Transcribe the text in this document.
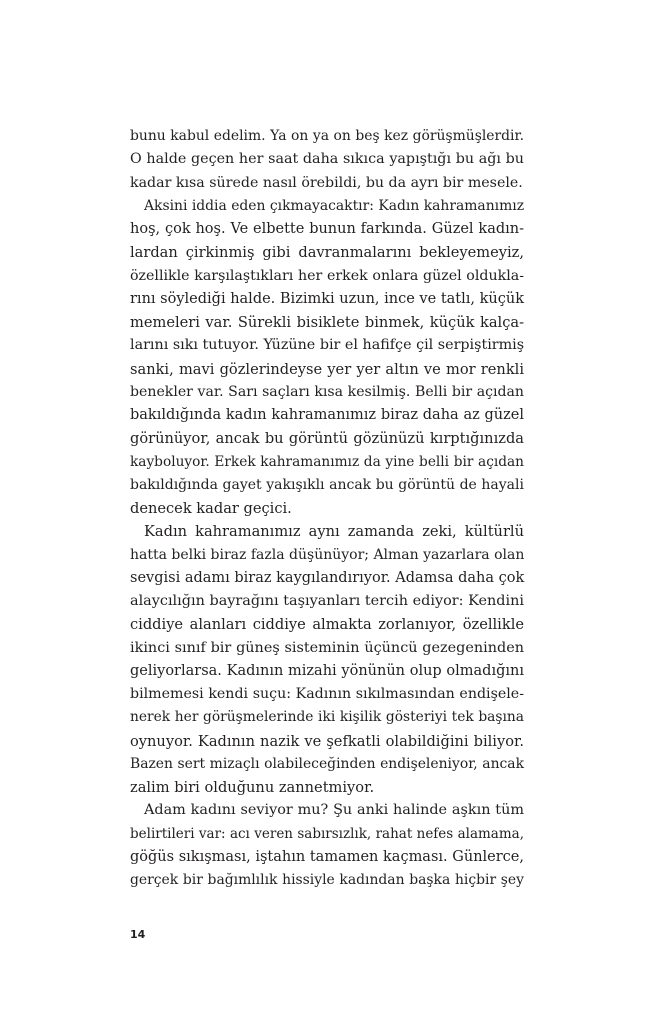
bunu kabul edelim. Ya on ya on beş kez görüşmüşlerdir.
O halde geçen her saat daha sıkıca yapıştığı bu ağı bu
kadar kısa sürede nasıl örebildi, bu da ayrı bir mesele.
Aksini iddia eden çıkmayacaktır: Kadın kahramanımız
hoş, çok hoş. Ve elbette bunun farkında. Güzel kadın-
lardan çirkinmiş gibi davranmalarını bekleyemeyiz,
özellikle karşılaştıkları her erkek onlara güzel oldukla-
rını söylediği halde. Bizimki uzun, ince ve tatlı, küçük
memeleri var. Sürekli bisiklete binmek, küçük kalça-
larını sıkı tutuyor. Yüzüne bir el hafifçe çil serpiştirmiş
sanki, mavi gözlerindeyse yer yer altın ve mor renkli
benekler var. Sarı saçları kısa kesilmiş. Belli bir açıdan
bakıldığında kadın kahramanımız biraz daha az güzel
görünüyor, ancak bu görüntü gözünüzü kırptığınızda
kayboluyor. Erkek kahramanımız da yine belli bir açıdan
bakıldığında gayet yakışıklı ancak bu görüntü de hayali
denecek kadar geçici.
Kadın kahramanımız aynı zamanda zeki, kültürlü
hatta belki biraz fazla düşünüyor; Alman yazarlara olan
sevgisi adamı biraz kaygılandırıyor. Adamsa daha çok
alaycılığın bayrağını taşıyanları tercih ediyor: Kendini
ciddiye alanları ciddiye almakta zorlanıyor, özellikle
ikinci sınıf bir güneş sisteminin üçüncü gezegeninden
geliyorlarsa. Kadının mizahi yönünün olup olmadığını
bilmemesi kendi suçu: Kadının sıkılmasından endişele-
nerek her görüşmelerinde iki kişilik gösteriyi tek başına
oynuyor. Kadının nazik ve şefkatli olabildiğini biliyor.
Bazen sert mizaçlı olabileceğinden endişeleniyor, ancak
zalim biri olduğunu zannetmiyor.
Adam kadını seviyor mu? Şu anki halinde aşkın tüm
belirtileri var: acı veren sabırsızlık, rahat nefes alamama,
göğüs sıkışması, iştahın tamamen kaçması. Günlerce,
gerçek bir bağımlılık hissiyle kadından başka hiçbir şey
14
